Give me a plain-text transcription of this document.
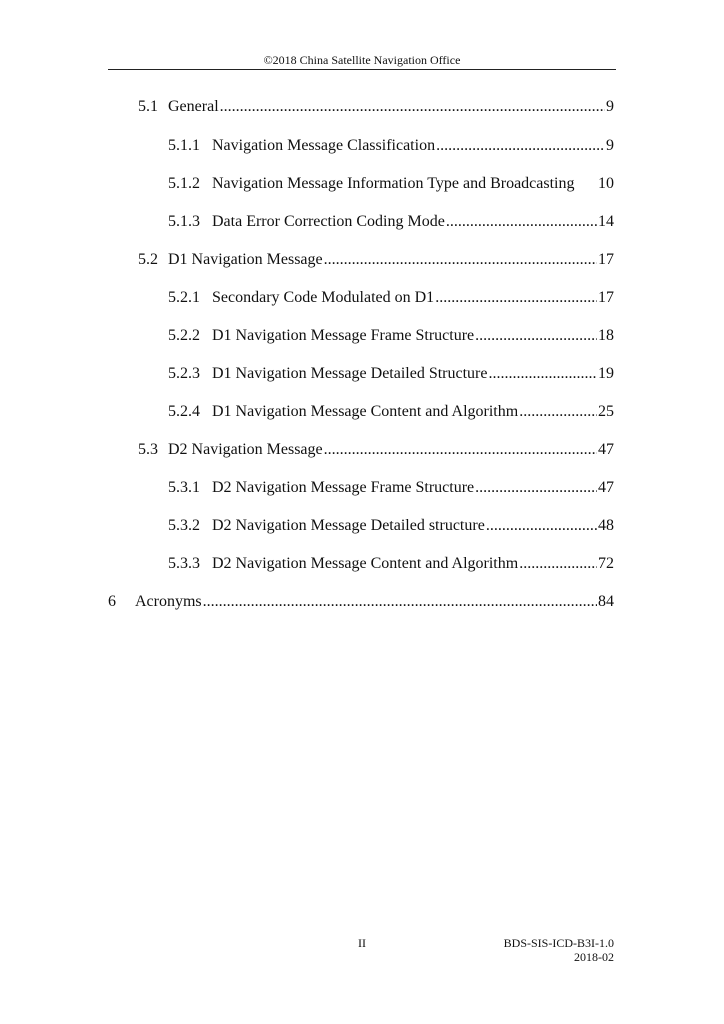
©2018 China Satellite Navigation Office
5.1 General .....	9
5.1.1 Navigation Message Classification .....	9
5.1.2 Navigation Message Information Type and Broadcasting 10
5.1.3 Data Error Correction Coding Mode .....	14
5.2 D1 Navigation Message .....	17
5.2.1 Secondary Code Modulated on D1 .....	17
5.2.2 D1 Navigation Message Frame Structure .....	18
5.2.3 D1 Navigation Message Detailed Structure .....	19
5.2.4 D1 Navigation Message Content and Algorithm .....	25
5.3 D2 Navigation Message .....	47
5.3.1 D2 Navigation Message Frame Structure .....	47
5.3.2 D2 Navigation Message Detailed structure .....	48
5.3.3 D2 Navigation Message Content and Algorithm .....	72
6	Acronyms .....	84
II	BDS-SIS-ICD-B3I-1.0
2018-02
